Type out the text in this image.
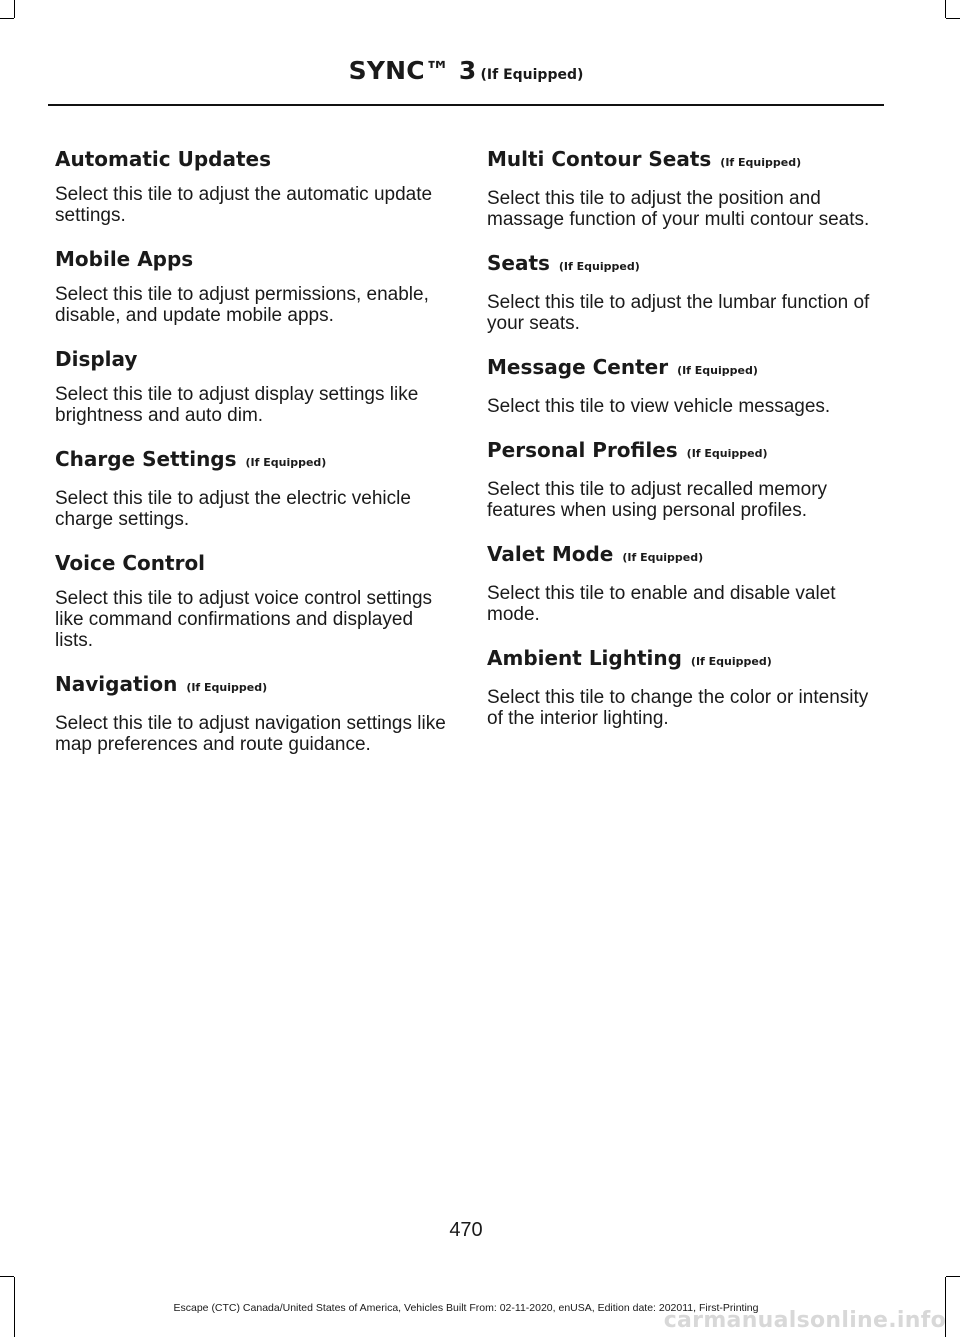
SYNC™ 3 (If Equipped)
Automatic Updates

Select this tile to adjust the automatic update settings.

Mobile Apps

Select this tile to adjust permissions, enable, disable, and update mobile apps.

Display

Select this tile to adjust display settings like brightness and auto dim.

Charge Settings (If Equipped)

Select this tile to adjust the electric vehicle charge settings.

Voice Control

Select this tile to adjust voice control settings like command confirmations and displayed lists.

Navigation (If Equipped)

Select this tile to adjust navigation settings like map preferences and route guidance.

Multi Contour Seats (If Equipped)

Select this tile to adjust the position and massage function of your multi contour seats.

Seats (If Equipped)

Select this tile to adjust the lumbar function of your seats.

Message Center (If Equipped)

Select this tile to view vehicle messages.

Personal Profiles (If Equipped)

Select this tile to adjust recalled memory features when using personal profiles.

Valet Mode (If Equipped)

Select this tile to enable and disable valet mode.

Ambient Lighting (If Equipped)

Select this tile to change the color or intensity of the interior lighting.

470
Escape (CTC) Canada/United States of America, Vehicles Built From: 02-11-2020, enUSA, Edition date: 202011, First-Printing
carmanualsonline.info
